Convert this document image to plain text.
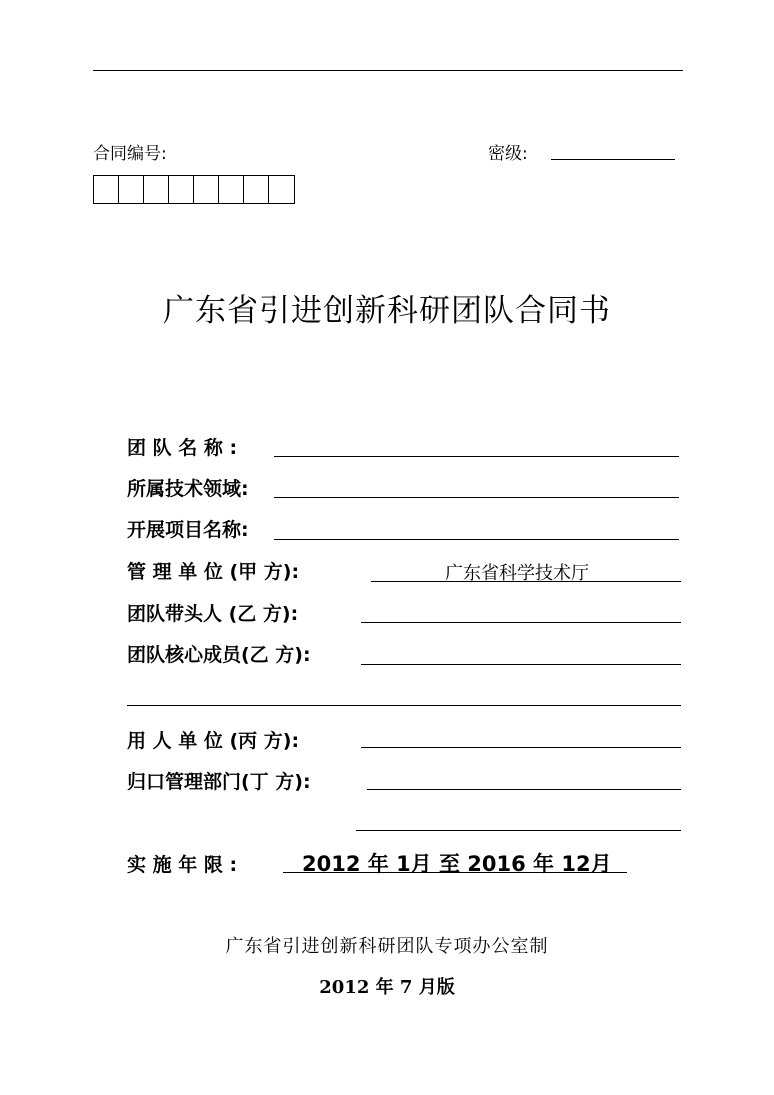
合同编号:	密级:
广东省引进创新科研团队合同书
团 队 名 称 :
所属技术领域:
开展项目名称:
管 理 单 位 (甲 方):	广东省科学技术厅
团队带头人 (乙 方):
团队核心成员(乙 方):
用 人 单 位 (丙 方):
归口管理部门(丁 方):
实 施 年 限 :	2012 年 1月 至 2016 年 12月
广东省引进创新科研团队专项办公室制
2012 年 7 月版
